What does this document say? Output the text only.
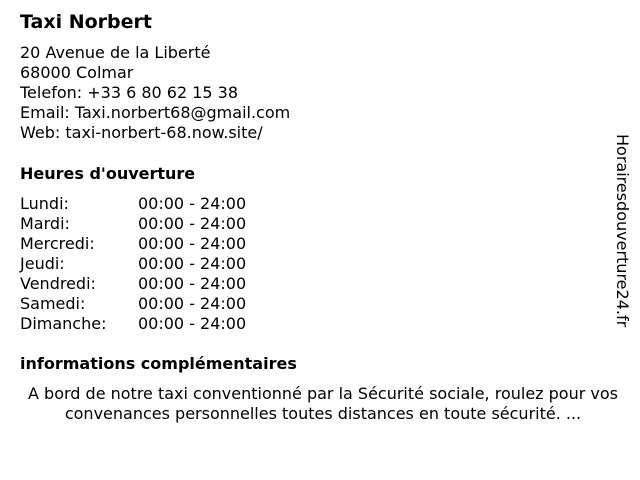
Taxi Norbert
20 Avenue de la Liberté
68000 Colmar
Telefon: +33 6 80 62 15 38
Email: Taxi.norbert68@gmail.com
Web: taxi-norbert-68.now.site/
Heures d'ouverture
Lundi:	00:00 - 24:00
Mardi:	00:00 - 24:00
Mercredi:	00:00 - 24:00
Jeudi:	00:00 - 24:00
Vendredi:	00:00 - 24:00
Samedi:	00:00 - 24:00
Dimanche:	00:00 - 24:00
informations complémentaires
A bord de notre taxi conventionné par la Sécurité sociale, roulez pour vos convenances personnelles toutes distances en toute sécurité. ...
Horairesdouverture24.fr
